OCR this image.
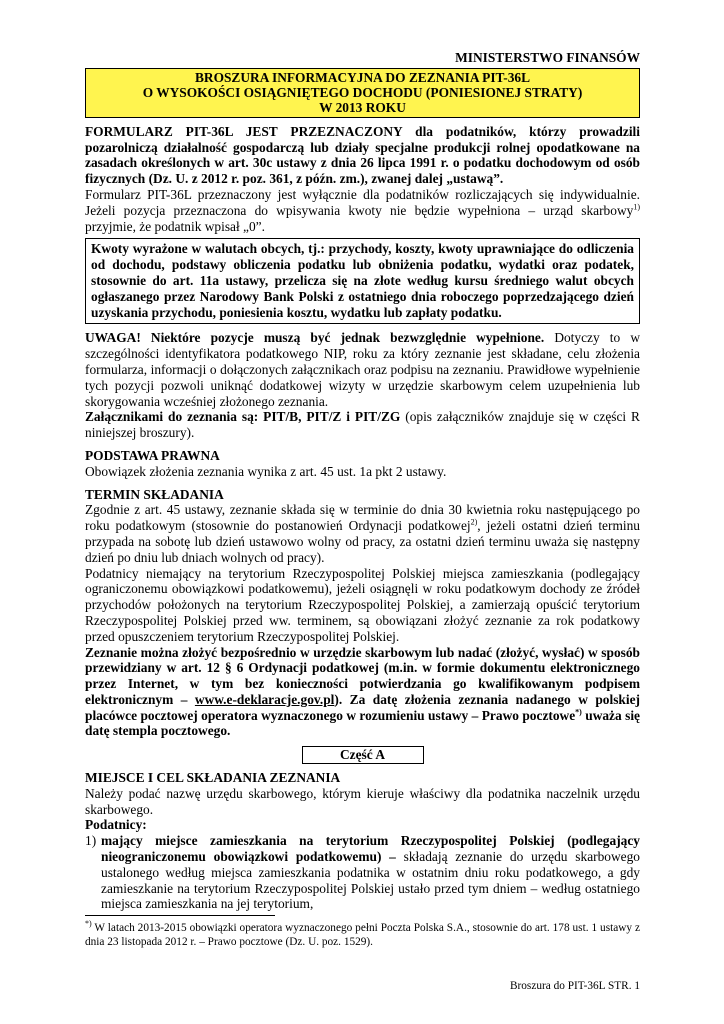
MINISTERSTWO FINANSÓW
BROSZURA INFORMACYJNA DO ZEZNANIA PIT-36L
O WYSOKOŚCI OSIĄGNIĘTEGO DOCHODU (PONIESIONEJ STRATY)
W 2013 ROKU

FORMULARZ PIT-36L JEST PRZEZNACZONY dla podatników, którzy prowadzili pozarolniczą działalność gospodarczą lub działy specjalne produkcji rolnej opodatkowane na zasadach określonych w art. 30c ustawy z dnia 26 lipca 1991 r. o podatku dochodowym od osób fizycznych (Dz. U. z 2012 r. poz. 361, z późn. zm.), zwanej dalej „ustawą”.

Formularz PIT-36L przeznaczony jest wyłącznie dla podatników rozliczających się indywidualnie. Jeżeli pozycja przeznaczona do wpisywania kwoty nie będzie wypełniona – urząd skarbowy$^{1)}$ przyjmie, że podatnik wpisał „0”.

Kwoty wyrażone w walutach obcych, tj.: przychody, koszty, kwoty uprawniające do odliczenia od dochodu, podstawy obliczenia podatku lub obniżenia podatku, wydatki oraz podatek, stosownie do art. 11a ustawy, przelicza się na złote według kursu średniego walut obcych ogłaszanego przez Narodowy Bank Polski z ostatniego dnia roboczego poprzedzającego dzień uzyskania przychodu, poniesienia kosztu, wydatku lub zapłaty podatku.

UWAGA! Niektóre pozycje muszą być jednak bezwzględnie wypełnione. Dotyczy to w szczególności identyfikatora podatkowego NIP, roku za który zeznanie jest składane, celu złożenia formularza, informacji o dołączonych załącznikach oraz podpisu na zeznaniu. Prawidłowe wypełnienie tych pozycji pozwoli uniknąć dodatkowej wizyty w urzędzie skarbowym celem uzupełnienia lub skorygowania wcześniej złożonego zeznania.

Załącznikami do zeznania są: PIT/B, PIT/Z i PIT/ZG (opis załączników znajduje się w części R niniejszej broszury).

PODSTAWA PRAWNA

Obowiązek złożenia zeznania wynika z art. 45 ust. 1a pkt 2 ustawy.

TERMIN SKŁADANIA

Zgodnie z art. 45 ustawy, zeznanie składa się w terminie do dnia 30 kwietnia roku następującego po roku podatkowym (stosownie do postanowień Ordynacji podatkowej$^{2)}$, jeżeli ostatni dzień terminu przypada na sobotę lub dzień ustawowo wolny od pracy, za ostatni dzień terminu uważa się następny dzień po dniu lub dniach wolnych od pracy).

Podatnicy niemający na terytorium Rzeczypospolitej Polskiej miejsca zamieszkania (podlegający ograniczonemu obowiązkowi podatkowemu), jeżeli osiągnęli w roku podatkowym dochody ze źródeł przychodów położonych na terytorium Rzeczypospolitej Polskiej, a zamierzają opuścić terytorium Rzeczypospolitej Polskiej przed ww. terminem, są obowiązani złożyć zeznanie za rok podatkowy przed opuszczeniem terytorium Rzeczypospolitej Polskiej.

Zeznanie można złożyć bezpośrednio w urzędzie skarbowym lub nadać (złożyć, wysłać) w sposób przewidziany w art. 12 § 6 Ordynacji podatkowej (m.in. w formie dokumentu elektronicznego przez Internet, w tym bez konieczności potwierdzania go kwalifikowanym podpisem elektronicznym – www.e-deklaracje.gov.pl). Za datę złożenia zeznania nadanego w polskiej placówce pocztowej operatora wyznaczonego w rozumieniu ustawy – Prawo pocztowe*) uważa się datę stempla pocztowego.

Część A
MIEJSCE I CEL SKŁADANIA ZEZNANIA

Należy podać nazwę urzędu skarbowego, którym kieruje właściwy dla podatnika naczelnik urzędu skarbowego.

Podatnicy:
1) mający miejsce zamieszkania na terytorium Rzeczypospolitej Polskiej (podlegający nieograniczonemu obowiązkowi podatkowemu) – składają zeznanie do urzędu skarbowego ustalonego według miejsca zamieszkania podatnika w ostatnim dniu roku podatkowego, a gdy zamieszkanie na terytorium Rzeczypospolitej Polskiej ustało przed tym dniem – według ostatniego miejsca zamieszkania na jej terytorium,
*) W latach 2013-2015 obowiązki operatora wyznaczonego pełni Poczta Polska S.A., stosownie do art. 178 ust. 1 ustawy z dnia 23 listopada 2012 r. – Prawo pocztowe (Dz. U. poz. 1529).
Broszura do PIT-36L STR. 1
